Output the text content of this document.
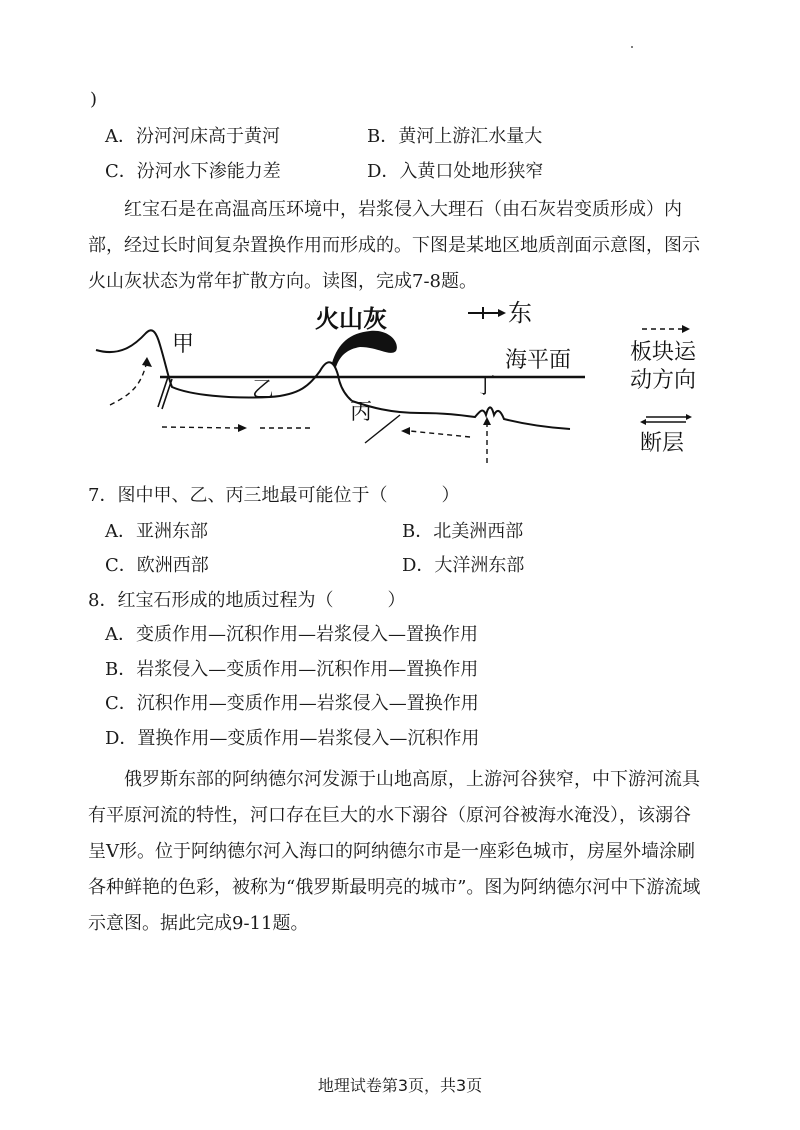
)
A．汾河河床高于黄河	B．黄河上游汇水量大
C．汾河水下渗能力差	D．入黄口处地形狭窄

红宝石是在高温高压环境中，岩浆侵入大理石（由石灰岩变质形成）内部，经过长时间复杂置换作用而形成的。下图是某地区地质剖面示意图，图示火山灰状态为常年扩散方向。读图，完成7-8题。

甲
乙
丙
丁
火山灰	东
海平面	板块运
动方向
断层
7．图中甲、乙、丙三地最可能位于（　　　）
A．亚洲东部	B．北美洲西部
C．欧洲西部	D．大洋洲东部
8．红宝石形成的地质过程为（　　　）
A．变质作用—沉积作用—岩浆侵入—置换作用
B．岩浆侵入—变质作用—沉积作用—置换作用
C．沉积作用—变质作用—岩浆侵入—置换作用
D．置换作用—变质作用—岩浆侵入—沉积作用

俄罗斯东部的阿纳德尔河发源于山地高原，上游河谷狭窄，中下游河流具有平原河流的特性，河口存在巨大的水下溺谷（原河谷被海水淹没），该溺谷呈V形。位于阿纳德尔河入海口的阿纳德尔市是一座彩色城市，房屋外墙涂刷各种鲜艳的色彩，被称为“俄罗斯最明亮的城市”。图为阿纳德尔河中下游流域示意图。据此完成9-11题。

地理试卷第3页，共3页
